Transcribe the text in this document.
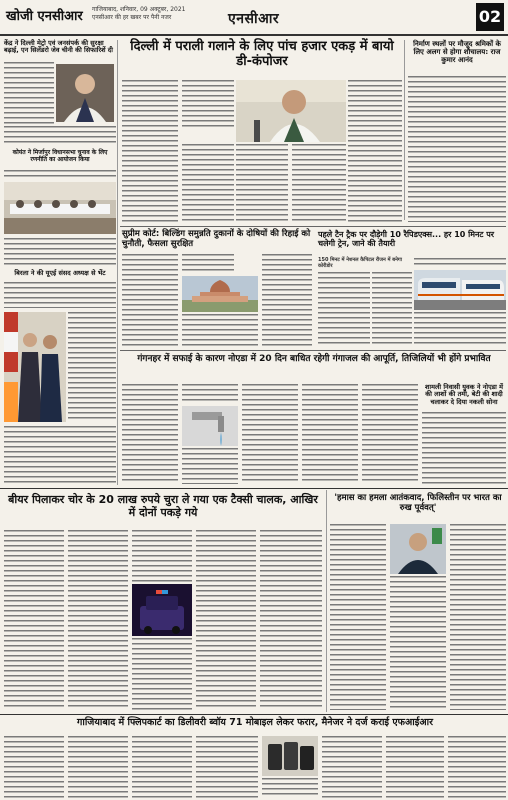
खोजी एनसीआर गाजियाबाद, शनिवार, 09 अक्टूबर, 2021
एनसीआर की हर खबर पर पैनी नजर	एनसीआर	02
केंद्र ने दिल्ली मेट्रो एवं जनसंपर्क की सुरक्षा बढ़ाई, एन सिलेंडरो जेव चीनी की सिफारिशें दी
कोयंत ने मिर्जापुर विधानसभा चुनाव के लिए रणनीति का आयोजन किया
बिरला ने की यूएई संसद अध्यक्ष से भेंट
दिल्ली में पराली गलाने के लिए पांच हजार एकड़ में बायो डी-कंपोजर
निर्माण स्थलों पर मौजूद श्रमिकों के लिए अलग से होगा शौचालय: राज कुमार आनंद
सुप्रीम कोर्ट: बिल्डिंग समुन्नति दुकानों के दोषियों की रिहाई को चुनौती, फैसला सुरक्षित
पहले टैन ट्रैक पर दौड़ेगी 10 रैपिडएक्स... हर 10 मिनट पर चलेगी ट्रेन, जाने की तैयारी
150 मिनट में नेशनल कैपिटल रीजन में बनेगा कोरीडोर
गंगनहर में सफाई के कारण नोएडा में 20 दिन बाधित रहेगी गंगाजल की आपूर्ति, तिजिलियों भी होंगे प्रभावित
शामली निवासी युवक ने नोएडा में की लाशों की तमी, बेटी की शादी चलाकर दे दिया नकली सोना
बीयर पिलाकर चोर के 20 लाख रुपये चुरा ले गया एक टैक्सी चालक, आखिर में दोनों पकड़े गये
'हमास का हमला आतंकवाद, फिलिस्तीन पर भारत का रुख पूर्ववत्'
गाजियाबाद में फ्लिपकार्ट का डिलीवरी ब्वॉय 71 मोबाइल लेकर फरार, मैनेजर ने दर्ज कराई एफआईआर
